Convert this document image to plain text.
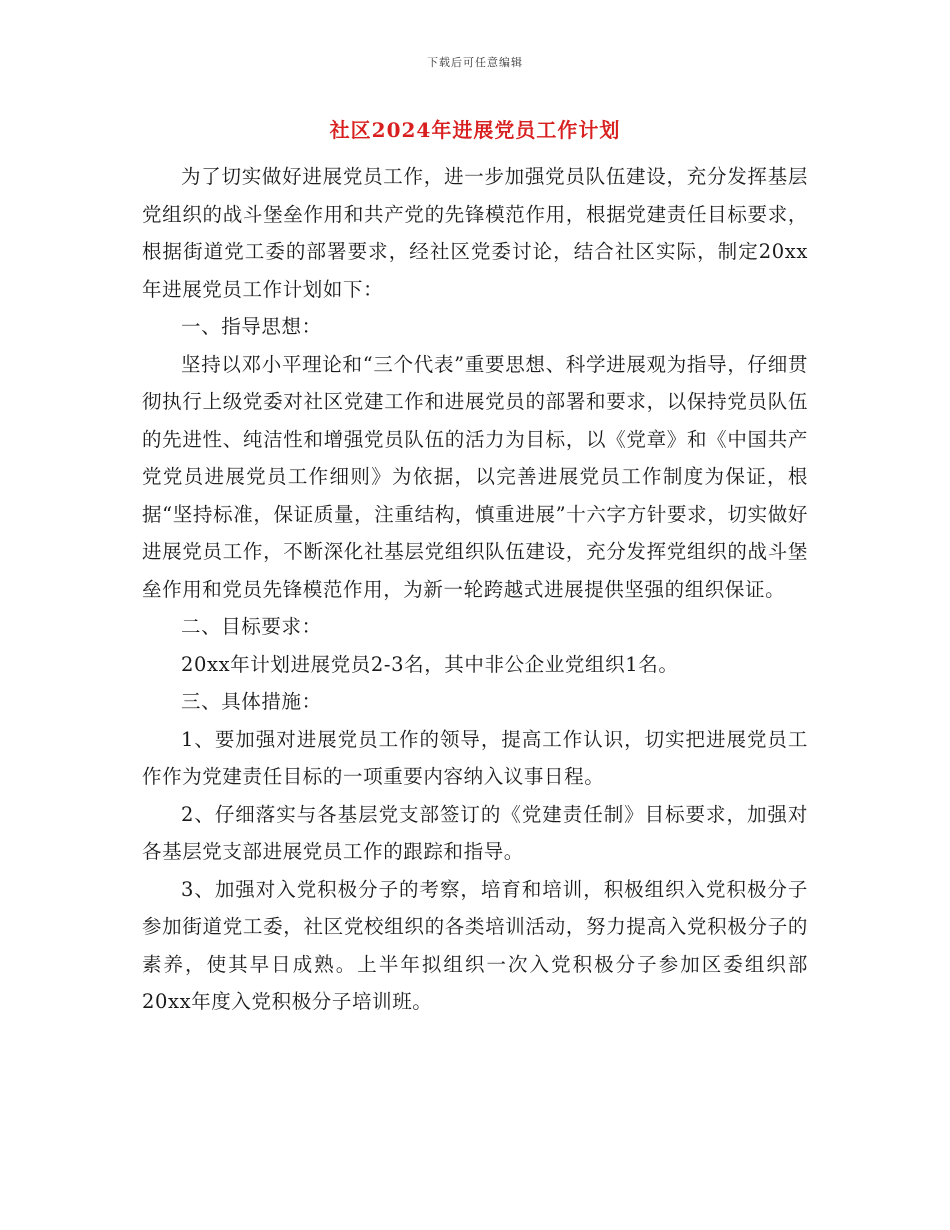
下载后可任意编辑
社区2024年进展党员工作计划

为了切实做好进展党员工作，进一步加强党员队伍建设，充分发挥基层党组织的战斗堡垒作用和共产党的先锋模范作用，根据党建责任目标要求，根据街道党工委的部署要求，经社区党委讨论，结合社区实际，制定20xx年进展党员工作计划如下：

一、指导思想：

坚持以邓小平理论和“三个代表”重要思想、科学进展观为指导，仔细贯彻执行上级党委对社区党建工作和进展党员的部署和要求，以保持党员队伍的先进性、纯洁性和增强党员队伍的活力为目标，以《党章》和《中国共产党党员进展党员工作细则》为依据，以完善进展党员工作制度为保证，根据“坚持标准，保证质量，注重结构，慎重进展”十六字方针要求，切实做好进展党员工作，不断深化社基层党组织队伍建设，充分发挥党组织的战斗堡垒作用和党员先锋模范作用，为新一轮跨越式进展提供坚强的组织保证。

二、目标要求：

20xx年计划进展党员2-3名，其中非公企业党组织1名。

三、具体措施：

1、要加强对进展党员工作的领导，提高工作认识，切实把进展党员工作作为党建责任目标的一项重要内容纳入议事日程。

2、仔细落实与各基层党支部签订的《党建责任制》目标要求，加强对各基层党支部进展党员工作的跟踪和指导。

3、加强对入党积极分子的考察，培育和培训，积极组织入党积极分子参加街道党工委，社区党校组织的各类培训活动，努力提高入党积极分子的素养，使其早日成熟。上半年拟组织一次入党积极分子参加区委组织部20xx年度入党积极分子培训班。
